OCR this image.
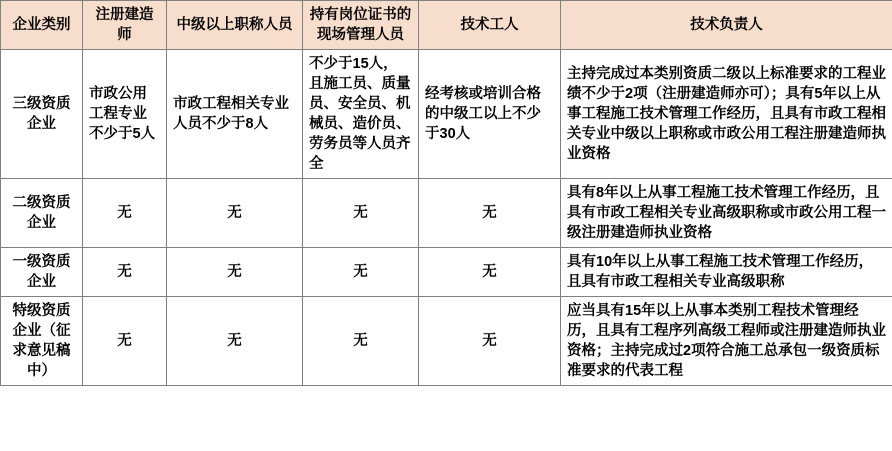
企业类别	注册建造师	中级以上职称人员	持有岗位证书的现场管理人员	技术工人	技术负责人
三级资质企业	市政公用工程专业不少于5人	市政工程相关专业人员不少于8人	不少于15人，且施工员、质量员、安全员、机械员、造价员、劳务员等人员齐全	经考核或培训合格的中级工以上不少于30人	主持完成过本类别资质二级以上标准要求的工程业绩不少于2项（注册建造师亦可）；具有5年以上从事工程施工技术管理工作经历，且具有市政工程相关专业中级以上职称或市政公用工程注册建造师执业资格
二级资质企业	无	无	无	无	具有8年以上从事工程施工技术管理工作经历，且具有市政工程相关专业高级职称或市政公用工程一级注册建造师执业资格
一级资质企业	无	无	无	无	具有10年以上从事工程施工技术管理工作经历，且具有市政工程相关专业高级职称
特级资质企业（征求意见稿中）	无	无	无	无	应当具有15年以上从事本类别工程技术管理经历，且具有工程序列高级工程师或注册建造师执业资格；主持完成过2项符合施工总承包一级资质标准要求的代表工程
